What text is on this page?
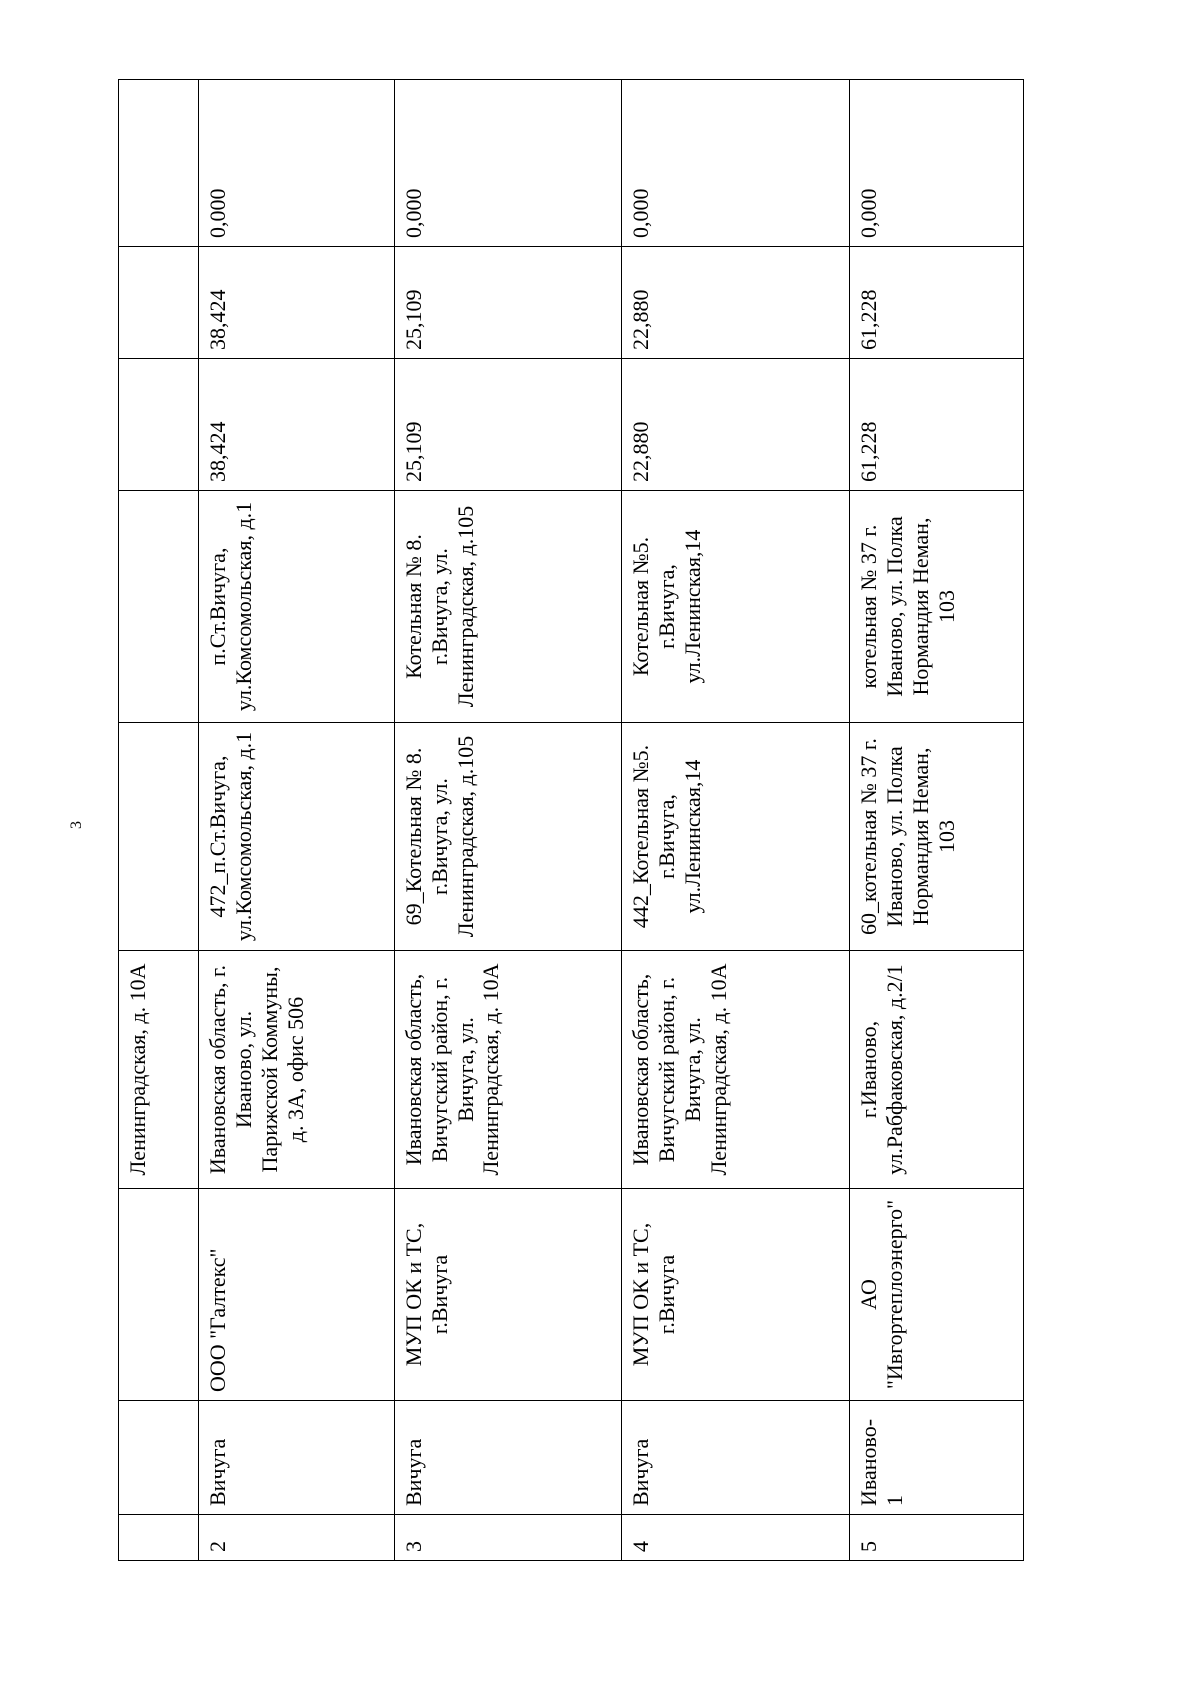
3
			Ленинградская, д. 10А					
2	Вичуга	ООО "Галтекс"	Ивановская область, г. Иваново, ул. Парижской Коммуны, д. 3А, офис 506	472_п.Ст.Вичуга, ул.Комсомольская, д.1	п.Ст.Вичуга, ул.Комсомольская, д.1	38,424	38,424	0,000
3	Вичуга	МУП ОК и ТС, г.Вичуга	Ивановская область, Вичугский район, г. Вичуга, ул. Ленинградская, д. 10А	69_Котельная № 8. г.Вичуга, ул. Ленинградская, д.105	Котельная № 8. г.Вичуга, ул. Ленинградская, д.105	25,109	25,109	0,000
4	Вичуга	МУП ОК и ТС, г.Вичуга	Ивановская область, Вичугский район, г. Вичуга, ул. Ленинградская, д. 10А	442_Котельная №5. г.Вичуга, ул.Ленинская,14	Котельная №5. г.Вичуга, ул.Ленинская,14	22,880	22,880	0,000
5	Иваново-1	АО "Ивгортеплоэнерго"	г.Иваново, ул.Рабфаковская, д.2/1	60_котельная № 37 г. Иваново, ул. Полка Нормандия Неман, 103	котельная № 37 г. Иваново, ул. Полка Нормандия Неман, 103	61,228	61,228	0,000
